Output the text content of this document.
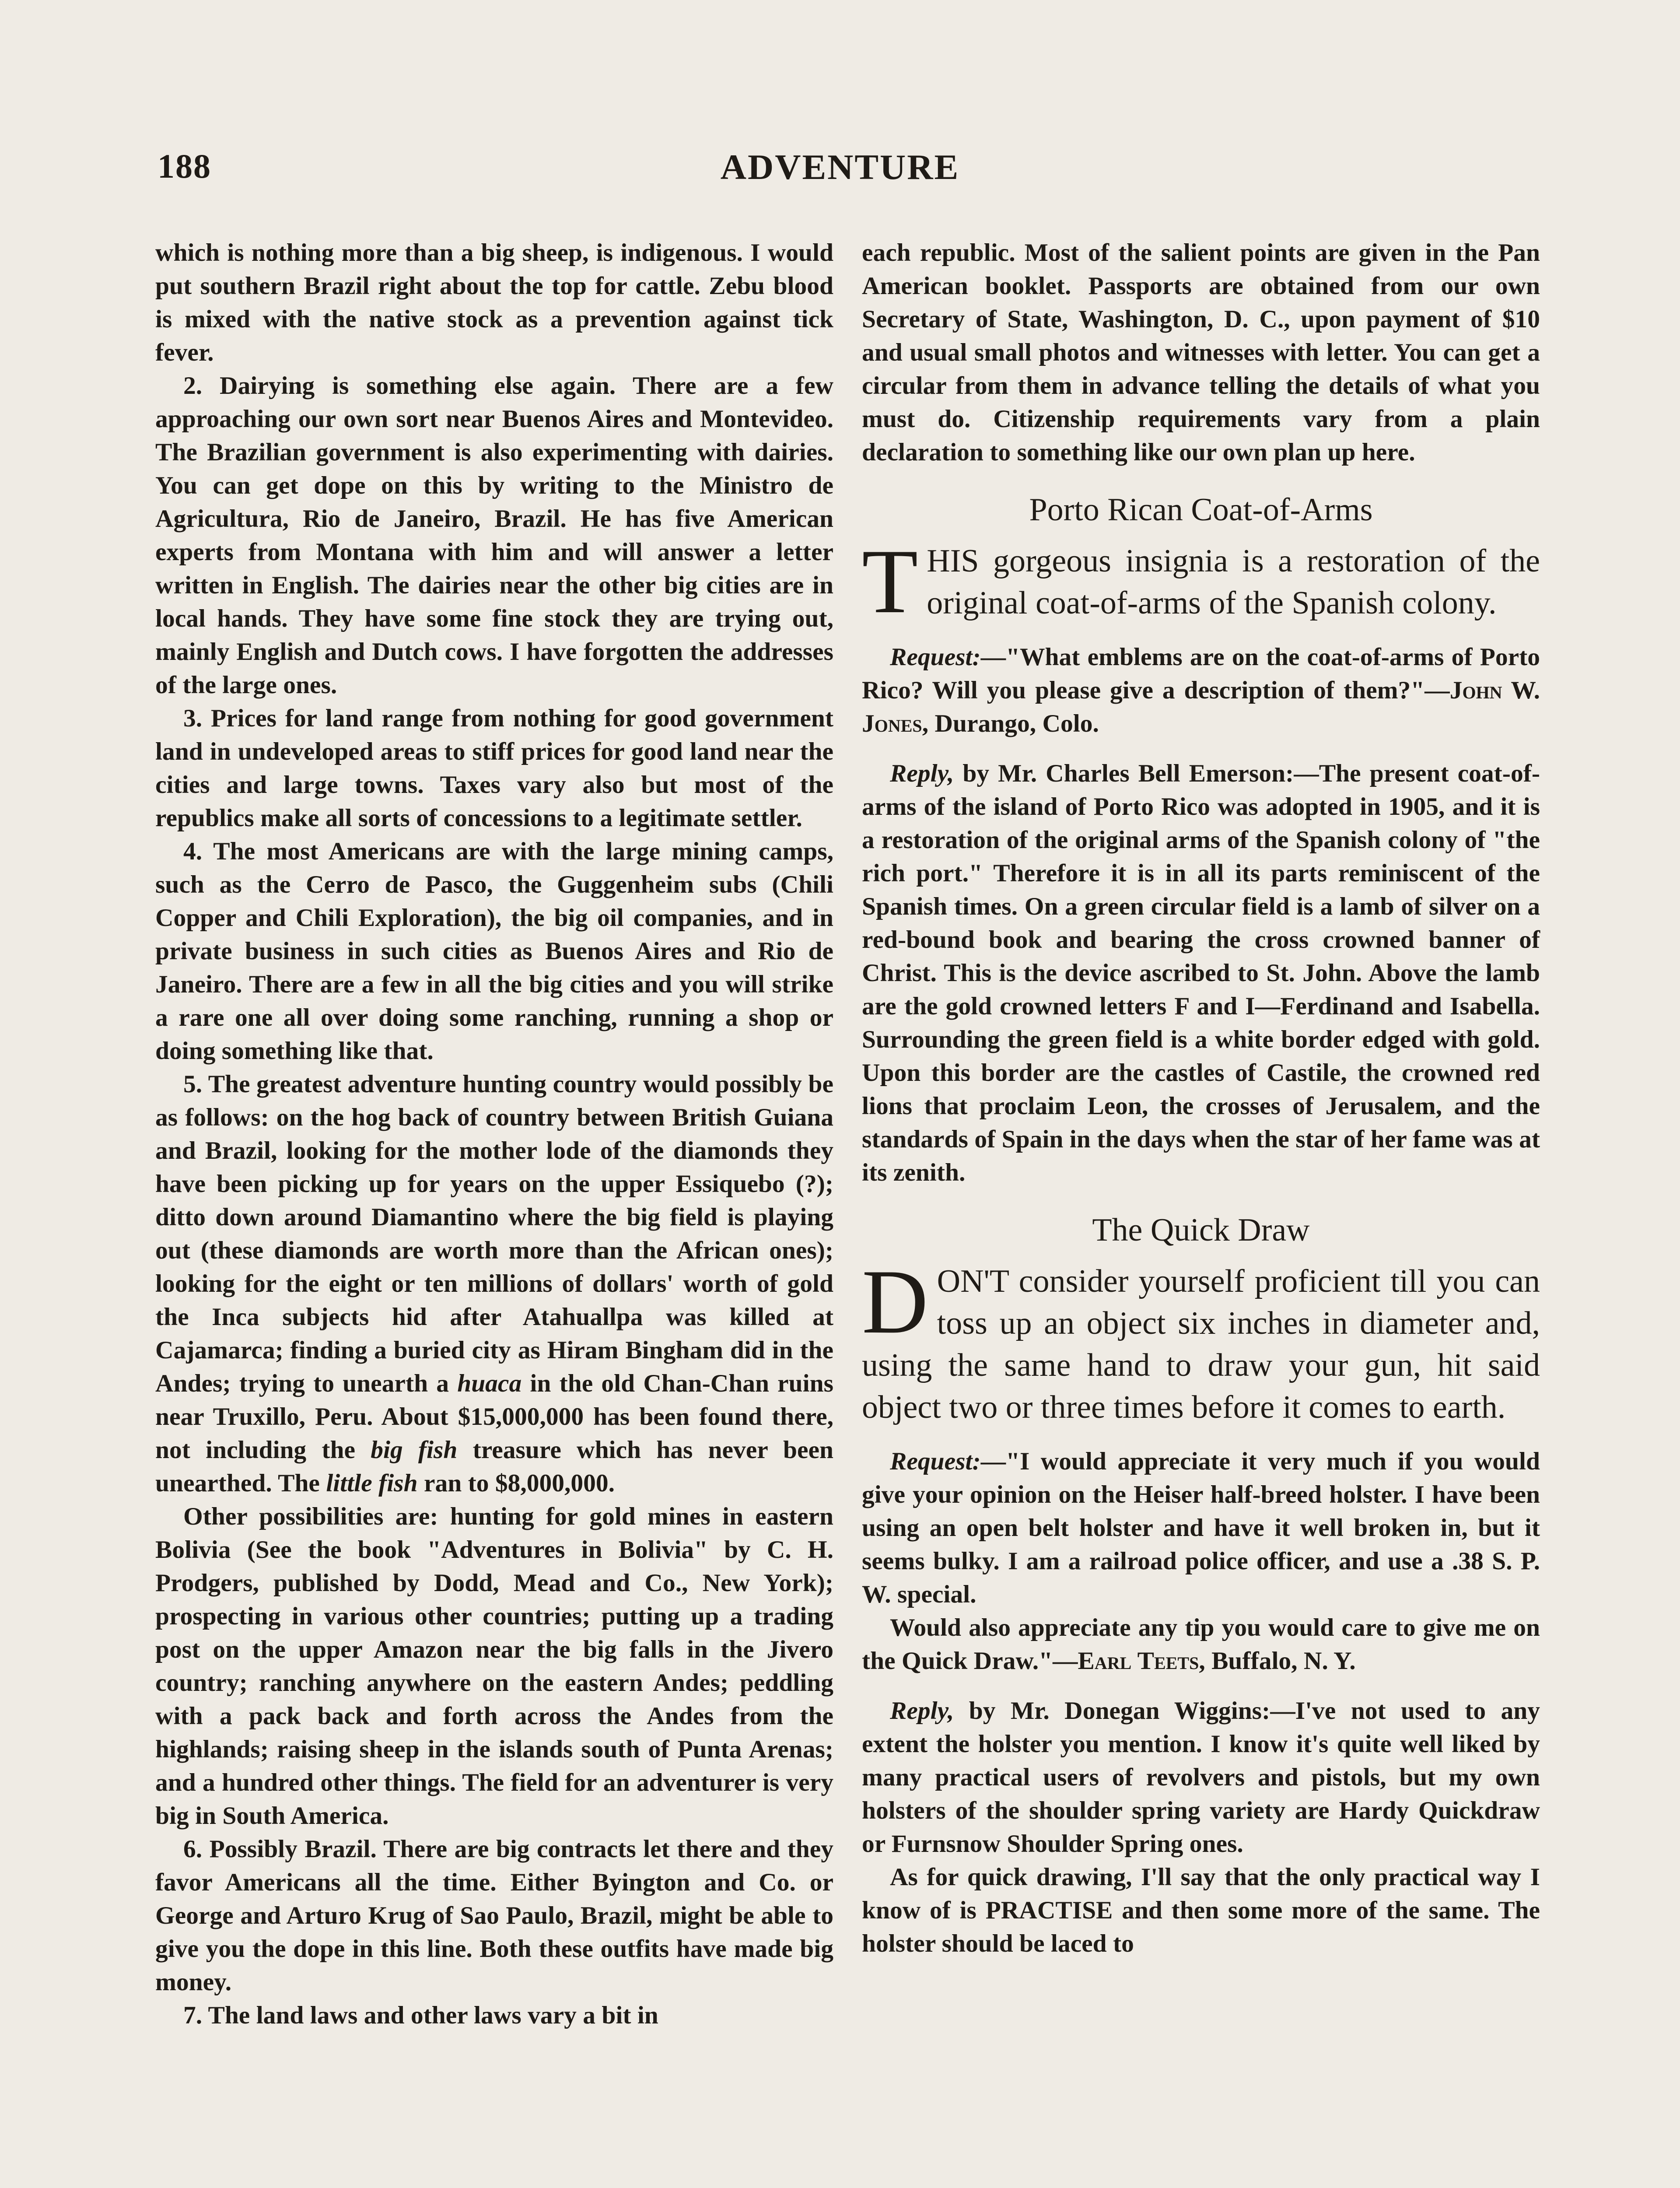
188	ADVENTURE

which is nothing more than a big sheep, is indigenous. I would put southern Brazil right about the top for cattle. Zebu blood is mixed with the native stock as a prevention against tick fever.

2. Dairying is something else again. There are a few approaching our own sort near Buenos Aires and Montevideo. The Brazilian government is also experimenting with dairies. You can get dope on this by writing to the Ministro de Agricultura, Rio de Janeiro, Brazil. He has five American experts from Montana with him and will answer a letter written in English. The dairies near the other big cities are in local hands. They have some fine stock they are trying out, mainly English and Dutch cows. I have forgotten the addresses of the large ones.

3. Prices for land range from nothing for good government land in undeveloped areas to stiff prices for good land near the cities and large towns. Taxes vary also but most of the republics make all sorts of concessions to a legitimate settler.

4. The most Americans are with the large mining camps, such as the Cerro de Pasco, the Guggenheim subs (Chili Copper and Chili Exploration), the big oil companies, and in private business in such cities as Buenos Aires and Rio de Janeiro. There are a few in all the big cities and you will strike a rare one all over doing some ranching, running a shop or doing something like that.

5. The greatest adventure hunting country would possibly be as follows: on the hog back of country between British Guiana and Brazil, looking for the mother lode of the diamonds they have been picking up for years on the upper Essiquebo (?); ditto down around Diamantino where the big field is playing out (these diamonds are worth more than the African ones); looking for the eight or ten millions of dollars' worth of gold the Inca subjects hid after Atahuallpa was killed at Cajamarca; finding a buried city as Hiram Bingham did in the Andes; trying to unearth a huaca in the old Chan-Chan ruins near Truxillo, Peru. About $15,000,000 has been found there, not including the big fish treasure which has never been unearthed. The little fish ran to $8,000,000.

Other possibilities are: hunting for gold mines in eastern Bolivia (See the book "Adventures in Bolivia" by C. H. Prodgers, published by Dodd, Mead and Co., New York); prospecting in various other countries; putting up a trading post on the upper Amazon near the big falls in the Jivero country; ranching anywhere on the eastern Andes; peddling with a pack back and forth across the Andes from the highlands; raising sheep in the islands south of Punta Arenas; and a hundred other things. The field for an adventurer is very big in South America.

6. Possibly Brazil. There are big contracts let there and they favor Americans all the time. Either Byington and Co. or George and Arturo Krug of Sao Paulo, Brazil, might be able to give you the dope in this line. Both these outfits have made big money.

7. The land laws and other laws vary a bit in

each republic. Most of the salient points are given in the Pan American booklet. Passports are obtained from our own Secretary of State, Washington, D. C., upon payment of $10 and usual small photos and witnesses with letter. You can get a circular from them in advance telling the details of what you must do. Citizenship requirements vary from a plain declaration to something like our own plan up here.

Porto Rican Coat-of-Arms

THIS gorgeous insignia is a restoration of the original coat-of-arms of the Spanish colony.

Request:—"What emblems are on the coat-of-arms of Porto Rico? Will you please give a description of them?"—John W. Jones, Durango, Colo.

Reply, by Mr. Charles Bell Emerson:—The present coat-of-arms of the island of Porto Rico was adopted in 1905, and it is a restoration of the original arms of the Spanish colony of "the rich port." Therefore it is in all its parts reminiscent of the Spanish times. On a green circular field is a lamb of silver on a red-bound book and bearing the cross crowned banner of Christ. This is the device ascribed to St. John. Above the lamb are the gold crowned letters F and I—Ferdinand and Isabella. Surrounding the green field is a white border edged with gold. Upon this border are the castles of Castile, the crowned red lions that proclaim Leon, the crosses of Jerusalem, and the standards of Spain in the days when the star of her fame was at its zenith.

The Quick Draw

DON'T consider yourself proficient till you can toss up an object six inches in diameter and, using the same hand to draw your gun, hit said object two or three times before it comes to earth.

Request:—"I would appreciate it very much if you would give your opinion on the Heiser half-breed holster. I have been using an open belt holster and have it well broken in, but it seems bulky. I am a railroad police officer, and use a .38 S. P. W. special.

Would also appreciate any tip you would care to give me on the Quick Draw."—Earl Teets, Buffalo, N. Y.

Reply, by Mr. Donegan Wiggins:—I've not used to any extent the holster you mention. I know it's quite well liked by many practical users of revolvers and pistols, but my own holsters of the shoulder spring variety are Hardy Quickdraw or Furnsnow Shoulder Spring ones.

As for quick drawing, I'll say that the only practical way I know of is PRACTISE and then some more of the same. The holster should be laced to
